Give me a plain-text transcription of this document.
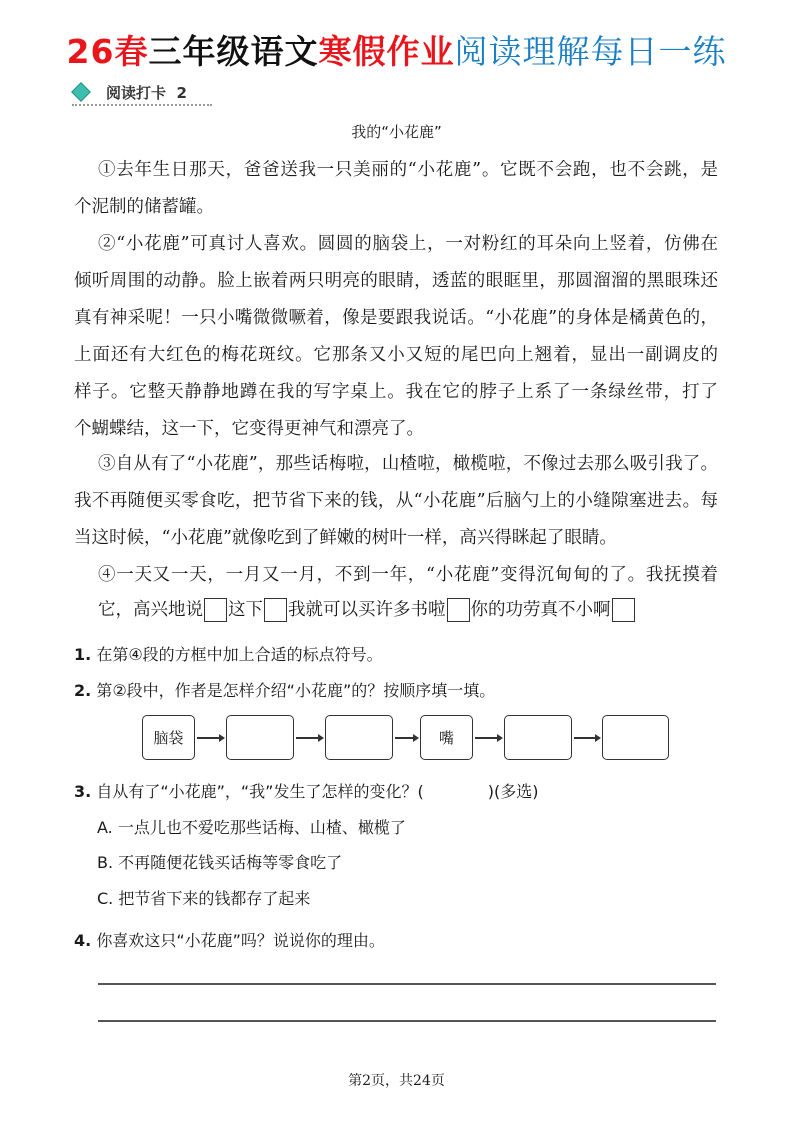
26春三年级语文寒假作业阅读理解每日一练
阅读打卡  2
我的“小花鹿”
①去年生日那天，爸爸送我一只美丽的“小花鹿”。它既不会跑，也不会跳，是
个泥制的储蓄罐。
②“小花鹿”可真讨人喜欢。圆圆的脑袋上，一对粉红的耳朵向上竖着，仿佛在
倾听周围的动静。脸上嵌着两只明亮的眼睛，透蓝的眼眶里，那圆溜溜的黑眼珠还
真有神采呢！一只小嘴微微噘着，像是要跟我说话。“小花鹿”的身体是橘黄色的，
上面还有大红色的梅花斑纹。它那条又小又短的尾巴向上翘着，显出一副调皮的
样子。它整天静静地蹲在我的写字桌上。我在它的脖子上系了一条绿丝带，打了
个蝴蝶结，这一下，它变得更神气和漂亮了。
③自从有了“小花鹿”，那些话梅啦，山楂啦，橄榄啦，不像过去那么吸引我了。
我不再随便买零食吃，把节省下来的钱，从“小花鹿”后脑勺上的小缝隙塞进去。每
当这时候，“小花鹿”就像吃到了鲜嫩的树叶一样，高兴得眯起了眼睛。
④一天又一天，一月又一月，不到一年，“小花鹿”变得沉甸甸的了。我抚摸着
它，高兴地说 这下 我就可以买许多书啦 你的功劳真不小啊
1. 在第④段的方框中加上合适的标点符号。
2. 第②段中，作者是怎样介绍“小花鹿”的？按顺序填一填。
脑袋	嘴
3. 自从有了“小花鹿”，“我”发生了怎样的变化？(　　　　)(多选)
A. 一点儿也不爱吃那些话梅、山楂、橄榄了
B. 不再随便花钱买话梅等零食吃了
C. 把节省下来的钱都存了起来
4. 你喜欢这只“小花鹿”吗？说说你的理由。
第2页，共24页
